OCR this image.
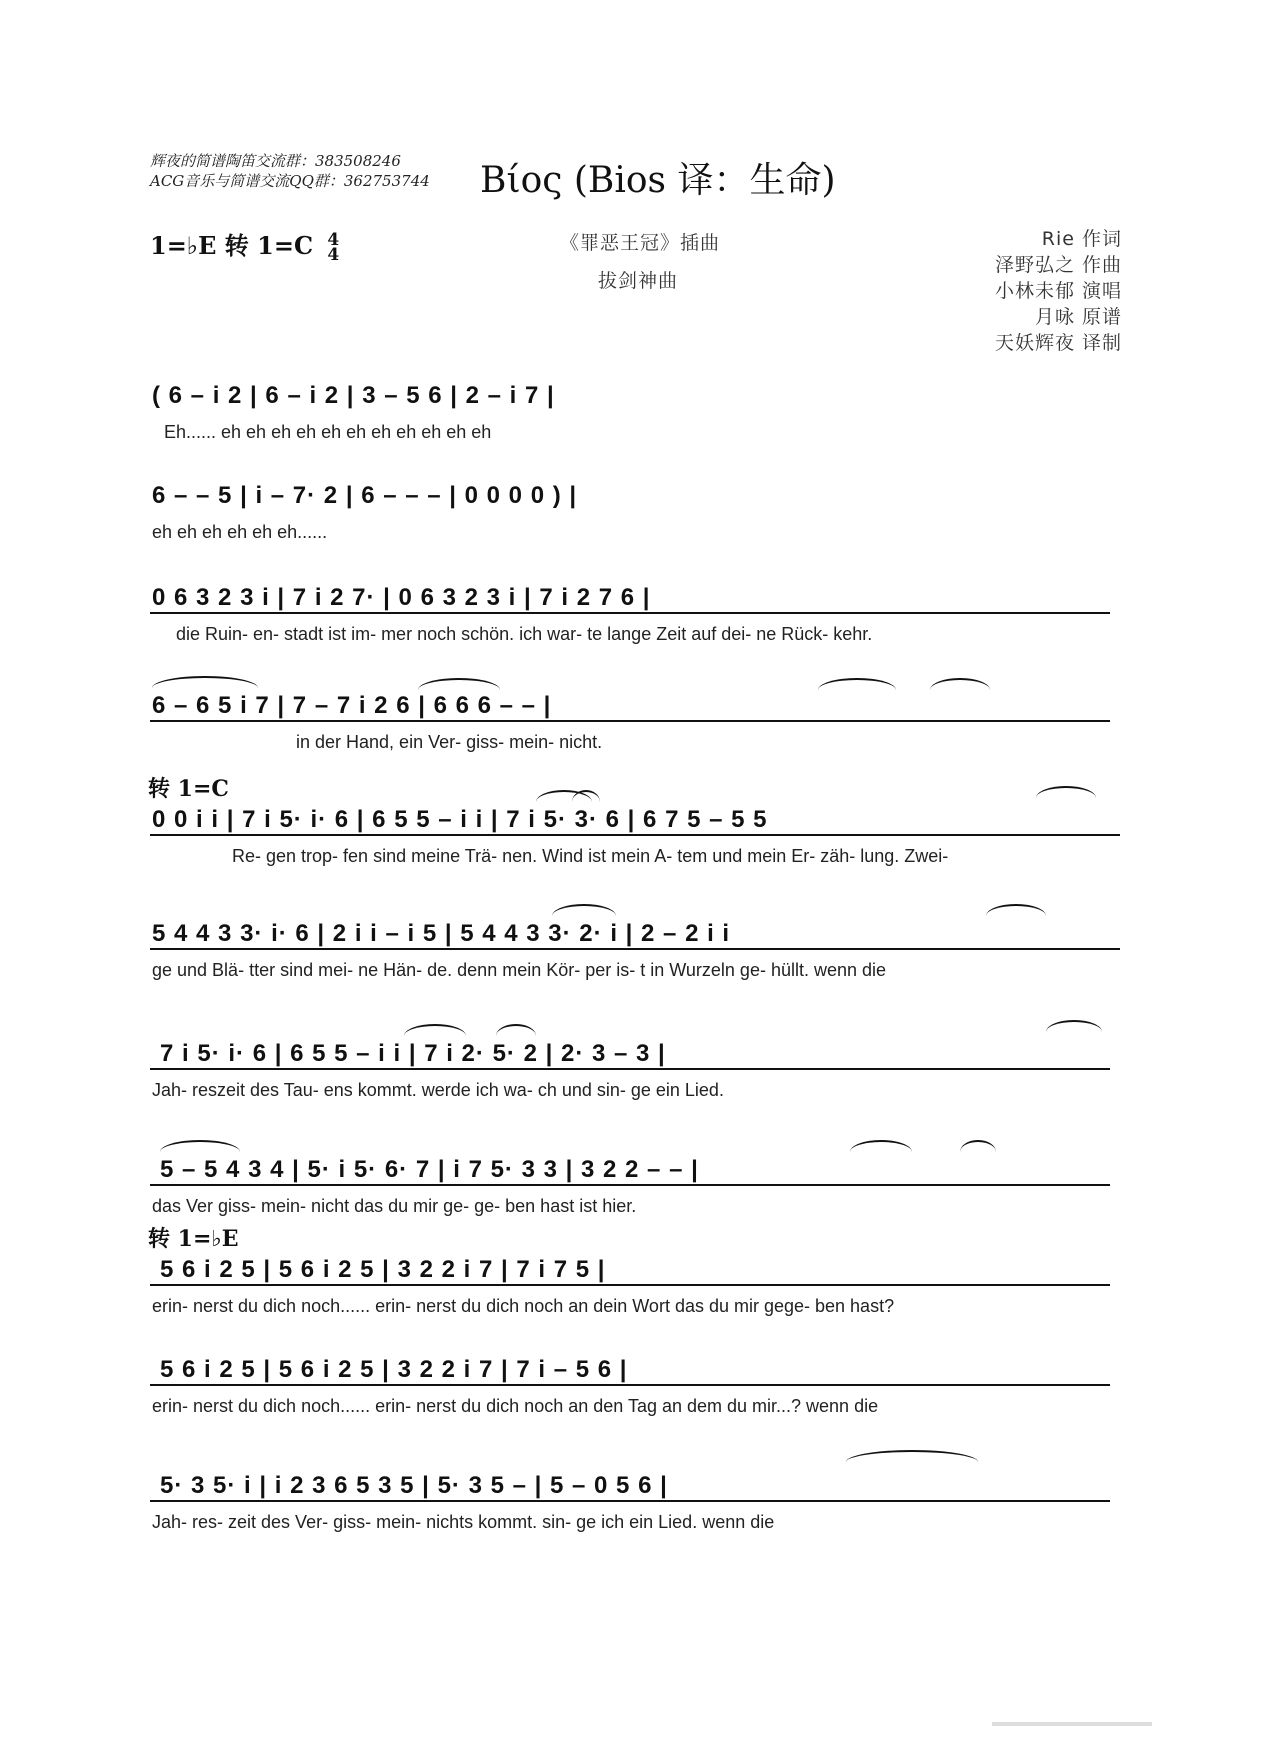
辉夜的简谱陶笛交流群：383508246
ACG音乐与简谱交流QQ群：362753744 Βίος (Βios 译：生命)
1=♭E 转 1=C 4
4
《罪恶王冠》插曲
拔剑神曲
Rie 作词
泽野弘之 作曲
小林未郁 演唱
月咏 原谱
天妖辉夜 译制
( 6 – i 2 | 6 – i 2 | 3 – 5 6 | 2 – i 7 |
Eh...... eh eh eh eh eh eh eh eh eh eh eh
6 – – 5 | i – 7· 2 | 6 – – – | 0 0 0 0 ) |
eh eh eh eh eh eh......
0 6 3 2 3 i | 7 i 2 7· | 0 6 3 2 3 i | 7 i 2 7 6 |
die Ruin- en- stadt ist im- mer noch schön. ich war- te lange Zeit auf dei- ne Rück- kehr.
6 – 6 5 i 7 | 7 – 7 i 2 6 | 6 6 6 – – |
in der Hand, ein Ver- giss- mein- nicht.
转 1=C
0 0 i i | 7 i 5· i· 6 | 6 5 5 – i i | 7 i 5· 3· 6 | 6 7 5 – 5 5
Re- gen trop- fen sind meine Trä- nen. Wind ist mein A- tem und mein Er- zäh- lung. Zwei-
5 4 4 3 3· i· 6 | 2 i i – i 5 | 5 4 4 3 3· 2· i | 2 – 2 i i
ge und Blä- tter sind mei- ne Hän- de. denn mein Kör- per is- t in Wurzeln ge- hüllt. wenn die
7 i 5· i· 6 | 6 5 5 – i i | 7 i 2· 5· 2 | 2· 3 – 3 |
Jah- reszeit des Tau- ens kommt. werde ich wa- ch und sin- ge ein Lied.
5 – 5 4 3 4 | 5· i 5· 6· 7 | i 7 5· 3 3 | 3 2 2 – – |
das Ver giss- mein- nicht das du mir ge- ge- ben hast ist hier.
转 1=♭E
5 6 i 2 5 | 5 6 i 2 5 | 3 2 2 i 7 | 7 i 7 5 |
erin- nerst du dich noch...... erin- nerst du dich noch an dein Wort das du mir gege- ben hast?
5 6 i 2 5 | 5 6 i 2 5 | 3 2 2 i 7 | 7 i – 5 6 |
erin- nerst du dich noch...... erin- nerst du dich noch an den Tag an dem du mir...? wenn die
5· 3 5· i | i 2 3 6 5 3 5 | 5· 3 5 – | 5 – 0 5 6 |
Jah- res- zeit des Ver- giss- mein- nichts kommt. sin- ge ich ein Lied. wenn die
